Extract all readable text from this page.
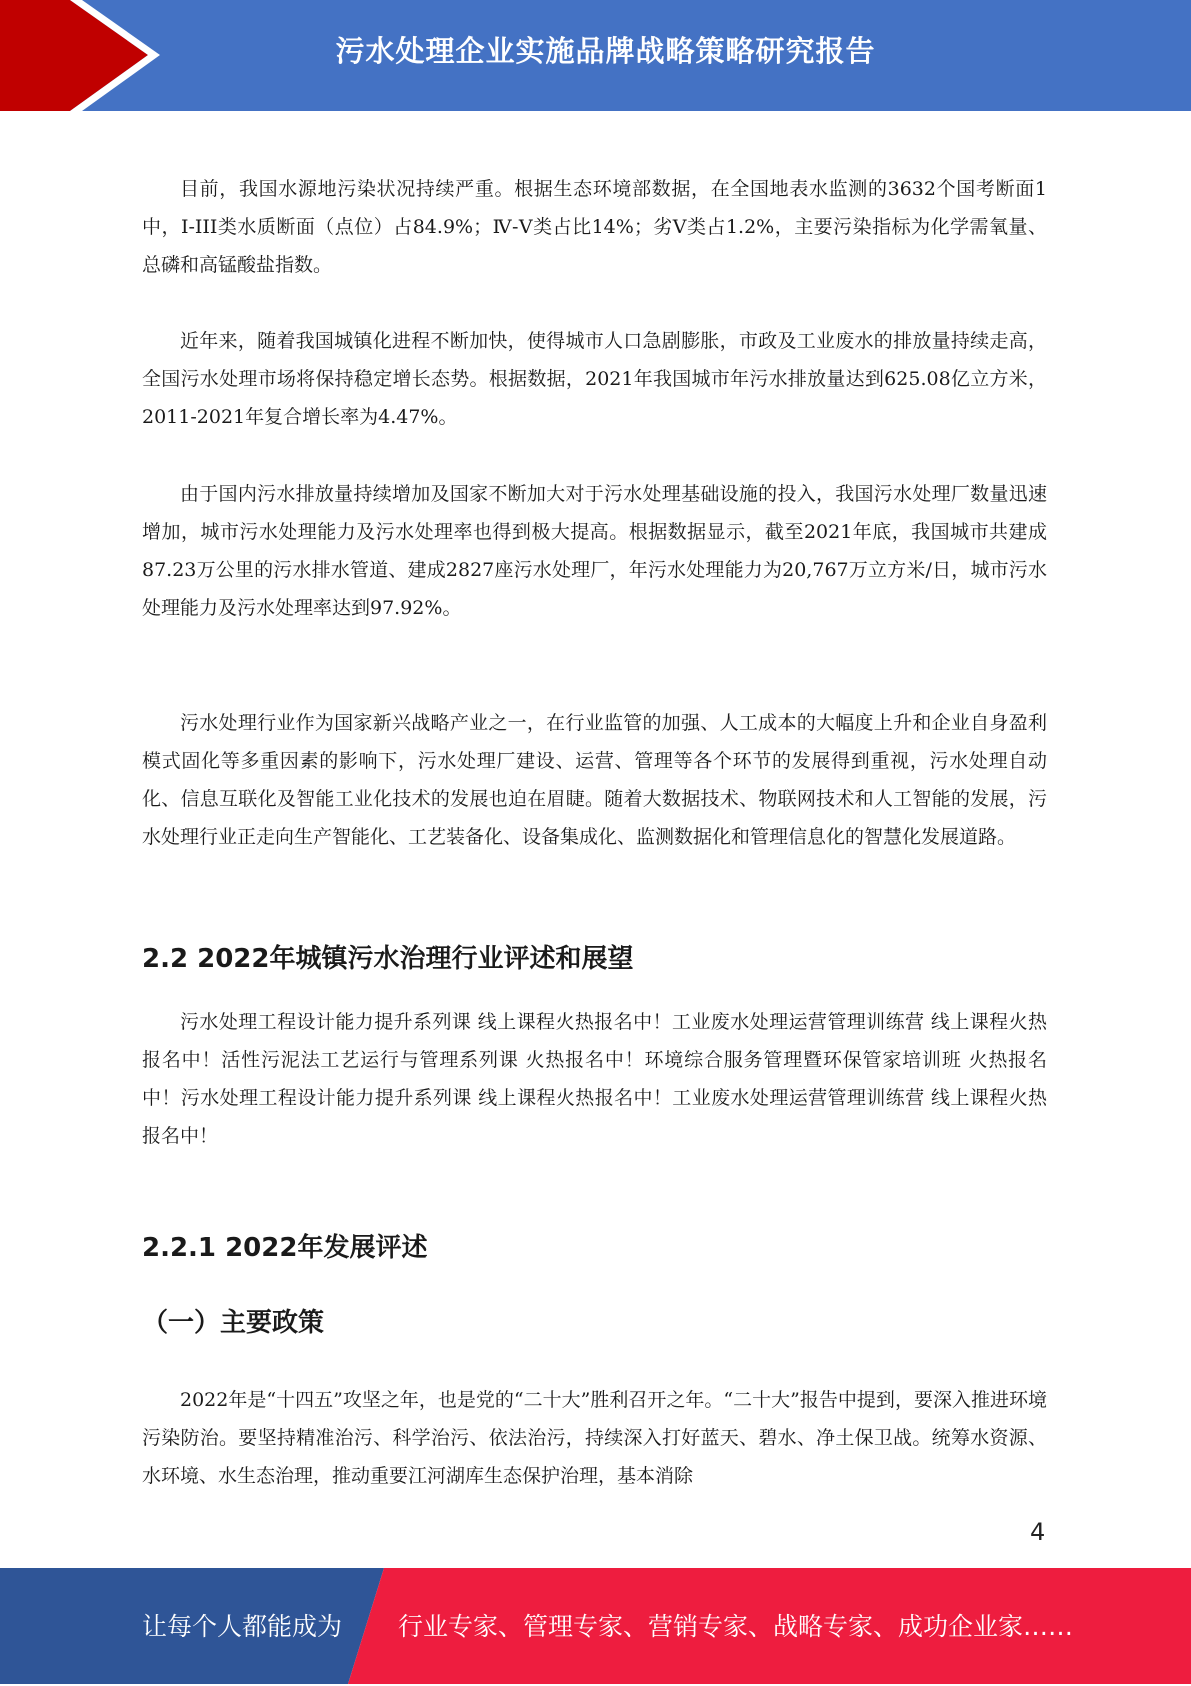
污水处理企业实施品牌战略策略研究报告

目前，我国水源地污染状况持续严重。根据生态环境部数据，在全国地表水监测的3632个国考断面1中，I-III类水质断面（点位）占84.9%；Ⅳ-Ⅴ类占比14%；劣Ⅴ类占1.2%，主要污染指标为化学需氧量、总磷和高锰酸盐指数。

近年来，随着我国城镇化进程不断加快，使得城市人口急剧膨胀，市政及工业废水的排放量持续走高，全国污水处理市场将保持稳定增长态势。根据数据，2021年我国城市年污水排放量达到625.08亿立方米，2011-2021年复合增长率为4.47%。

由于国内污水排放量持续增加及国家不断加大对于污水处理基础设施的投入，我国污水处理厂数量迅速增加，城市污水处理能力及污水处理率也得到极大提高。根据数据显示，截至2021年底，我国城市共建成87.23万公里的污水排水管道、建成2827座污水处理厂，年污水处理能力为20,767万立方米/日，城市污水处理能力及污水处理率达到97.92%。

污水处理行业作为国家新兴战略产业之一，在行业监管的加强、人工成本的大幅度上升和企业自身盈利模式固化等多重因素的影响下，污水处理厂建设、运营、管理等各个环节的发展得到重视，污水处理自动化、信息互联化及智能工业化技术的发展也迫在眉睫。随着大数据技术、物联网技术和人工智能的发展，污水处理行业正走向生产智能化、工艺装备化、设备集成化、监测数据化和管理信息化的智慧化发展道路。

2.2 2022年城镇污水治理行业评述和展望

污水处理工程设计能力提升系列课 线上课程火热报名中！工业废水处理运营管理训练营 线上课程火热报名中！活性污泥法工艺运行与管理系列课 火热报名中！环境综合服务管理暨环保管家培训班 火热报名中！污水处理工程设计能力提升系列课 线上课程火热报名中！工业废水处理运营管理训练营 线上课程火热报名中！

2.2.1 2022年发展评述
（一）主要政策

2022年是“十四五”攻坚之年，也是党的“二十大”胜利召开之年。“二十大”报告中提到，要深入推进环境污染防治。要坚持精准治污、科学治污、依法治污，持续深入打好蓝天、碧水、净土保卫战。统筹水资源、水环境、水生态治理，推动重要江河湖库生态保护治理，基本消除

4
让每个人都能成为 行业专家、管理专家、营销专家、战略专家、成功企业家……
